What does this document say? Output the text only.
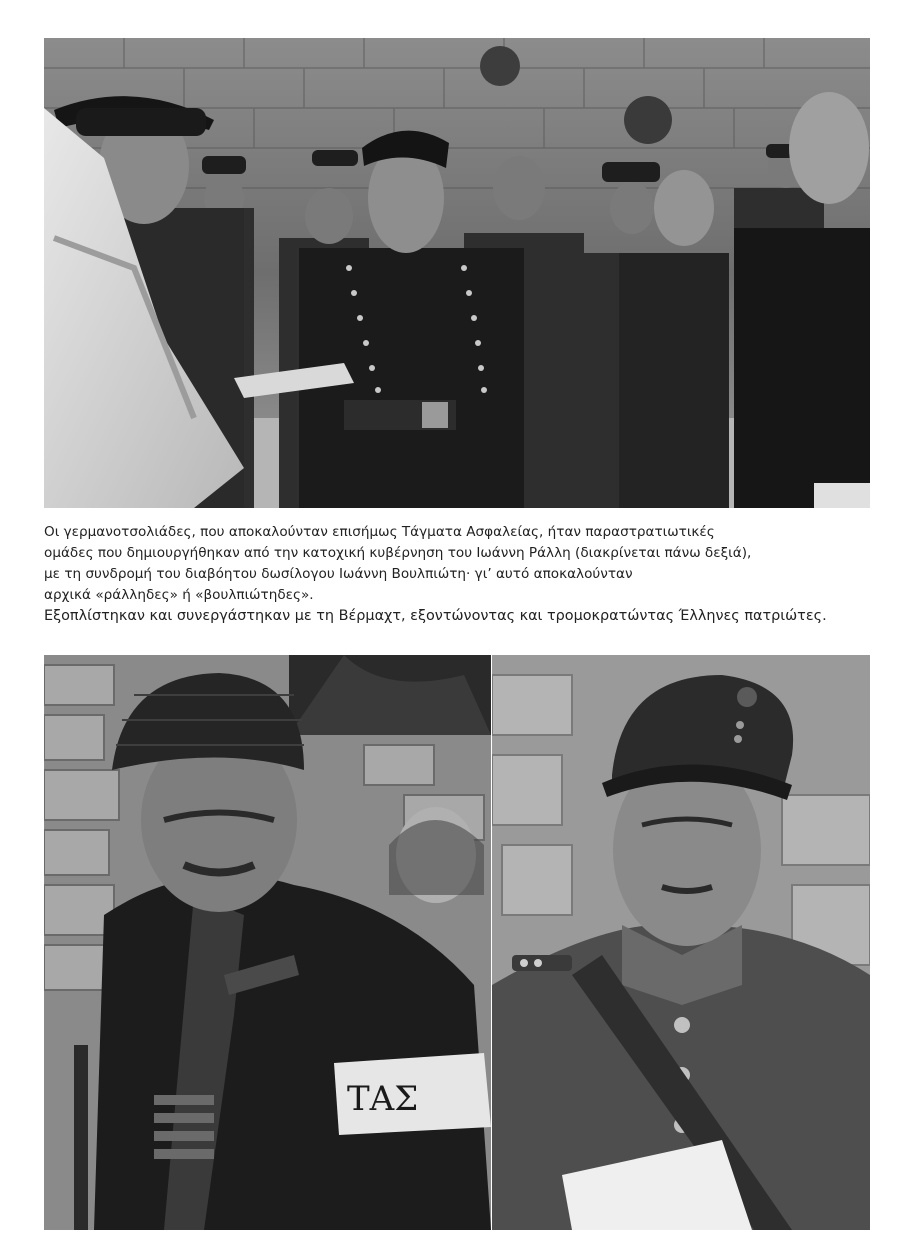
Οι γερμανοτσολιάδες, που αποκαλούνταν επισήμως Τάγματα Ασφαλείας, ήταν παραστρατιωτικές
ομάδες που δημιουργήθηκαν από την κατοχική κυβέρνηση του Ιωάννη Ράλλη (διακρίνεται πάνω δεξιά),
με τη συνδρομή του διαβόητου δωσίλογου Ιωάννη Βουλπιώτη· γι’ αυτό αποκαλούνταν
αρχικά «ράλληδες» ή «βουλπιώτηδες».
Εξοπλίστηκαν και συνεργάστηκαν με τη Βέρμαχτ, εξοντώνοντας και τρομοκρατώντας Έλληνες πατριώτες.
ΤΑΣ
